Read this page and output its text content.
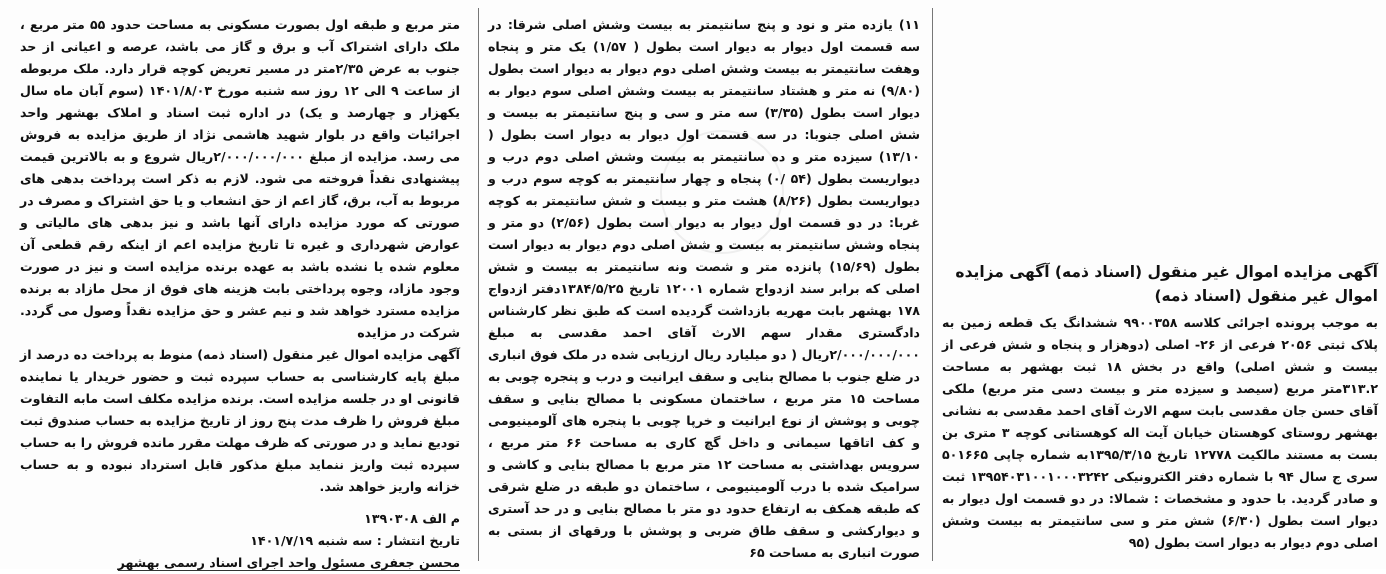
آگهی مزایده اموال غیر منقول (اسناد ذمه) آگهی مزایده اموال غیر منقول (اسناد ذمه)

به موجب پرونده اجرائی کلاسه ۹۹۰۰۳۵۸ ششدانگ یک قطعه زمین به پلاک ثبتی ۲۰۵۶ فرعی از ۲۶- اصلی (دوهزار و پنجاه و شش فرعی از بیست و شش اصلی) واقع در بخش ۱۸ ثبت بهشهر به مساحت ۳۱۳.۲متر مربع (سیصد و سیزده متر و بیست دسی متر مربع) ملکی آقای حسن جان مقدسی بابت سهم الارث آقای احمد مقدسی به نشانی بهشهر روستای کوهستان خیابان آیت اله کوهستانی کوچه ۳ متری بن بست به مستند مالکیت ۱۲۷۷۸ تاریخ ۱۳۹۵/۳/۱۵به شماره چاپی ۵۰۱۶۶۵ سری ج سال ۹۴ با شماره دفتر الکترونیکی ۱۳۹۵۴۰۳۱۰۰۱۰۰۰۳۲۴۲ ثبت و صادر گردید. با حدود و مشخصات : شمالا: در دو قسمت اول دیوار به دیوار است بطول (۶/۳۰) شش متر و سی سانتیمتر به بیست وشش اصلی دوم دیوار به دیوار است بطول (۹۵

۱۱) یازده متر و نود و پنج سانتیمتر به بیست وشش اصلی شرقا: در سه قسمت اول دیوار به دیوار است بطول ( ۱/۵۷) یک متر و پنجاه وهفت سانتیمتر به بیست وشش اصلی دوم دیوار به دیوار است بطول (۹/۸۰) نه متر و هشتاد سانتیمتر به بیست وشش اصلی سوم دیوار به دیوار است بطول (۳/۳۵) سه متر و سی و پنج سانتیمتر به بیست و شش اصلی جنوبا: در سه قسمت اول دیوار به دیوار است بطول ( ۱۳/۱۰) سیزده متر و ده سانتیمتر به بیست وشش اصلی دوم درب و دیواریست بطول (۵۴ /۰) پنجاه و چهار سانتیمتر به کوچه سوم درب و دیواریست بطول (۸/۲۶) هشت متر و بیست و شش سانتیمتر به کوچه غربا: در دو قسمت اول دیوار به دیوار است بطول (۲/۵۶) دو متر و پنجاه وشش سانتیمتر به بیست و شش اصلی دوم دیوار به دیوار است بطول (۱۵/۶۹) پانزده متر و شصت ونه سانتیمتر به بیست و شش اصلی که برابر سند ازدواج شماره ۱۲۰۰۱ تاریخ ۱۳۸۴/۵/۲۵دفتر ازدواج ۱۷۸ بهشهر بابت مهریه بازداشت گردیده است که طبق نظر کارشناس دادگستری مقدار سهم الارث آقای احمد مقدسی به مبلغ ۲/۰۰۰/۰۰۰/۰۰۰ریال ( دو میلیارد ریال ارزیابی شده در ملک فوق انباری در ضلع جنوب با مصالح بنایی و سقف ایرانیت و درب و پنجره چوبی به مساحت ۱۵ متر مربع ، ساختمان مسکونی با مصالح بنایی و سقف چوبی و پوشش از نوع ایرانیت و خرپا چوبی با پنجره های آلومینیومی و کف اتاقها سیمانی و داخل گچ کاری به مساحت ۶۶ متر مربع ، سرویس بهداشتی به مساحت ۱۲ متر مربع با مصالح بنایی و کاشی و سرامیک شده با درب آلومینیومی ، ساختمان دو طبقه در ضلع شرقی که طبقه همکف به ارتفاع حدود دو متر با مصالح بنایی و در حد آستری و دیوارکشی و سقف طاق ضربی و پوشش با ورقهای از بستی به صورت انباری به مساحت ۶۵

متر مربع و طبقه اول بصورت مسکونی به مساحت حدود ۵۵ متر مربع ، ملک دارای اشتراک آب و برق و گاز می باشد، عرصه و اعیانی از حد جنوب به عرض ۲/۳۵متر در مسیر تعریض کوچه قرار دارد. ملک مربوطه از ساعت ۹ الی ۱۲ روز سه شنبه مورخ ۱۴۰۱/۸/۰۳ (سوم آبان ماه سال یکهزار و چهارصد و یک) در اداره ثبت اسناد و املاک بهشهر واحد اجرائیات واقع در بلوار شهید هاشمی نژاد از طریق مزایده به فروش می رسد. مزایده از مبلغ ۲/۰۰۰/۰۰۰/۰۰۰ریال شروع و به بالاترین قیمت پیشنهادی نقداً فروخته می شود. لازم به ذکر است پرداخت بدهی های مربوط به آب، برق، گاز اعم از حق انشعاب و یا حق اشتراک و مصرف در صورتی که مورد مزایده دارای آنها باشد و نیز بدهی های مالیاتی و عوارض شهرداری و غیره تا تاریخ مزایده اعم از اینکه رقم قطعی آن معلوم شده یا نشده باشد به عهده برنده مزایده است و نیز در صورت وجود مازاد، وجوه پرداختی بابت هزینه های فوق از محل مازاد به برنده مزایده مسترد خواهد شد و نیم عشر و حق مزایده نقداً وصول می گردد. شرکت در مزایده

آگهی مزایده اموال غیر منقول (اسناد ذمه) منوط به پرداخت ده درصد از مبلغ پایه کارشناسی به حساب سپرده ثبت و حضور خریدار یا نماینده قانونی او در جلسه مزایده است. برنده مزایده مکلف است مابه التفاوت مبلغ فروش را ظرف مدت پنج روز از تاریخ مزایده به حساب صندوق ثبت تودیع نماید و در صورتی که ظرف مهلت مقرر مانده فروش را به حساب سپرده ثبت واریز ننماید مبلغ مذکور قابل استرداد نبوده و به حساب خزانه واریز خواهد شد.

م الف ۱۳۹۰۳۰۸

تاریخ انتشار : سه شنبه ۱۴۰۱/۷/۱۹

محسن جعفری مسئول واحد اجرای اسناد رسمی بهشهر
